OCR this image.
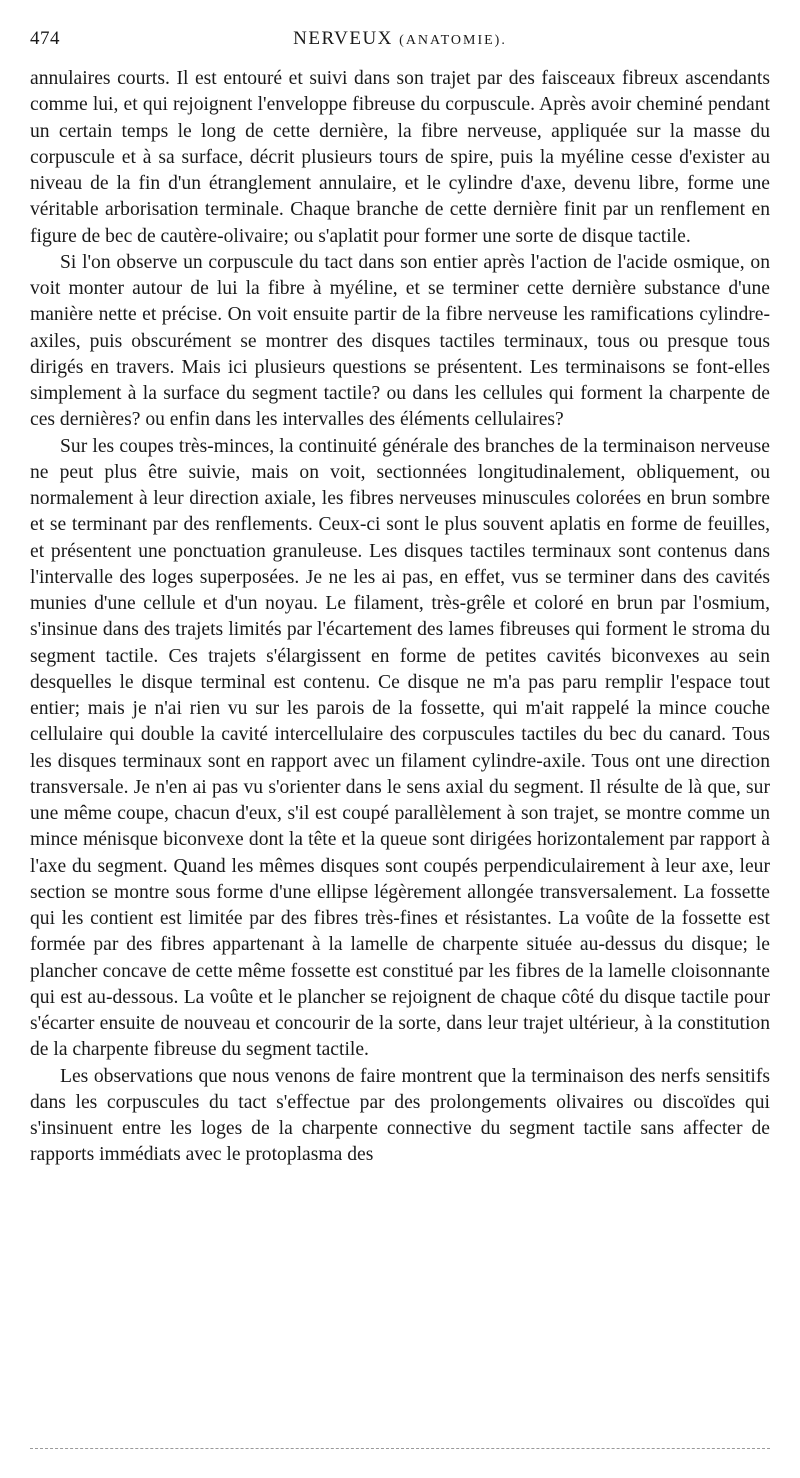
474	NERVEUX (ANATOMIE).

annulaires courts. Il est entouré et suivi dans son trajet par des faisceaux fibreux ascendants comme lui, et qui rejoignent l'enveloppe fibreuse du corpuscule. Après avoir cheminé pendant un certain temps le long de cette dernière, la fibre nerveuse, appliquée sur la masse du corpuscule et à sa surface, décrit plusieurs tours de spire, puis la myéline cesse d'exister au niveau de la fin d'un étranglement annulaire, et le cylindre d'axe, devenu libre, forme une véritable arborisation terminale. Chaque branche de cette dernière finit par un renflement en figure de bec de cautère-olivaire; ou s'aplatit pour former une sorte de disque tactile.

Si l'on observe un corpuscule du tact dans son entier après l'action de l'acide osmique, on voit monter autour de lui la fibre à myéline, et se terminer cette dernière substance d'une manière nette et précise. On voit ensuite partir de la fibre nerveuse les ramifications cylindre-axiles, puis obscurément se montrer des disques tactiles terminaux, tous ou presque tous dirigés en travers. Mais ici plusieurs questions se présentent. Les terminaisons se font-elles simplement à la surface du segment tactile? ou dans les cellules qui forment la charpente de ces dernières? ou enfin dans les intervalles des éléments cellulaires?

Sur les coupes très-minces, la continuité générale des branches de la terminaison nerveuse ne peut plus être suivie, mais on voit, sectionnées longitudinalement, obliquement, ou normalement à leur direction axiale, les fibres nerveuses minuscules colorées en brun sombre et se terminant par des renflements. Ceux-ci sont le plus souvent aplatis en forme de feuilles, et présentent une ponctuation granuleuse. Les disques tactiles terminaux sont contenus dans l'intervalle des loges superposées. Je ne les ai pas, en effet, vus se terminer dans des cavités munies d'une cellule et d'un noyau. Le filament, très-grêle et coloré en brun par l'osmium, s'insinue dans des trajets limités par l'écartement des lames fibreuses qui forment le stroma du segment tactile. Ces trajets s'élargissent en forme de petites cavités biconvexes au sein desquelles le disque terminal est contenu. Ce disque ne m'a pas paru remplir l'espace tout entier; mais je n'ai rien vu sur les parois de la fossette, qui m'ait rappelé la mince couche cellulaire qui double la cavité intercellulaire des corpuscules tactiles du bec du canard. Tous les disques terminaux sont en rapport avec un filament cylindre-axile. Tous ont une direction transversale. Je n'en ai pas vu s'orienter dans le sens axial du segment. Il résulte de là que, sur une même coupe, chacun d'eux, s'il est coupé parallèlement à son trajet, se montre comme un mince ménisque biconvexe dont la tête et la queue sont dirigées horizontalement par rapport à l'axe du segment. Quand les mêmes disques sont coupés perpendiculairement à leur axe, leur section se montre sous forme d'une ellipse légèrement allongée transversalement. La fossette qui les contient est limitée par des fibres très-fines et résistantes. La voûte de la fossette est formée par des fibres appartenant à la lamelle de charpente située au-dessus du disque; le plancher concave de cette même fossette est constitué par les fibres de la lamelle cloisonnante qui est au-dessous. La voûte et le plancher se rejoignent de chaque côté du disque tactile pour s'écarter ensuite de nouveau et concourir de la sorte, dans leur trajet ultérieur, à la constitution de la charpente fibreuse du segment tactile.

Les observations que nous venons de faire montrent que la terminaison des nerfs sensitifs dans les corpuscules du tact s'effectue par des prolongements olivaires ou discoïdes qui s'insinuent entre les loges de la charpente connective du segment tactile sans affecter de rapports immédiats avec le protoplasma des
